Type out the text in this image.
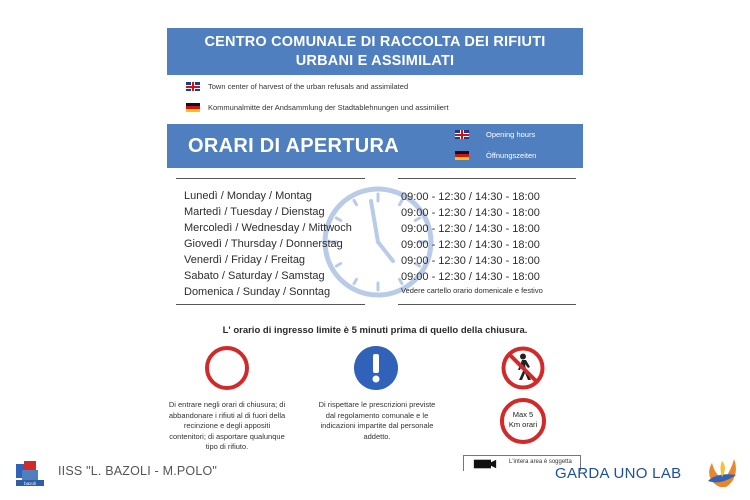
CENTRO COMUNALE DI RACCOLTA DEI RIFIUTI
URBANI E ASSIMILATI
Town center of harvest of the urban refusals and assimilated
Kommunalmitte der Andsammlung der Stadtablehnungen und assimiliert
ORARI DI APERTURA
Opening hours
Öffnungszeiten
Lunedì / Monday / Montag
Martedì / Tuesday / Dienstag
Mercoledì / Wednesday / Mittwoch
Giovedì / Thursday / Donnerstag
Venerdì / Friday / Freitag
Sabato / Saturday / Samstag
Domenica / Sunday / Sonntag
09:00 - 12:30 / 14:30 - 18:00
09:00 - 12:30 / 14:30 - 18:00
09:00 - 12:30 / 14:30 - 18:00
09:00 - 12:30 / 14:30 - 18:00
09:00 - 12:30 / 14:30 - 18:00
09:00 - 12:30 / 14:30 - 18:00
Vedere cartello orario domenicale e festivo
L' orario di ingresso limite è 5 minuti prima di quello della chiusura.
Max 5
Km orari
Di entrare negli orari di chiusura; di abbandonare i rifiuti al di fuori della recinzione e degli appositi contenitori; di asportare qualunque tipo di rifiuto.
Di rispettare le prescrizioni previste dal regolamento comunale e le indicazioni impartite dal personale addetto.
L'intera area è soggetta
bazoli
IISS "L. BAZOLI - M.POLO"	GARDA UNO LAB
